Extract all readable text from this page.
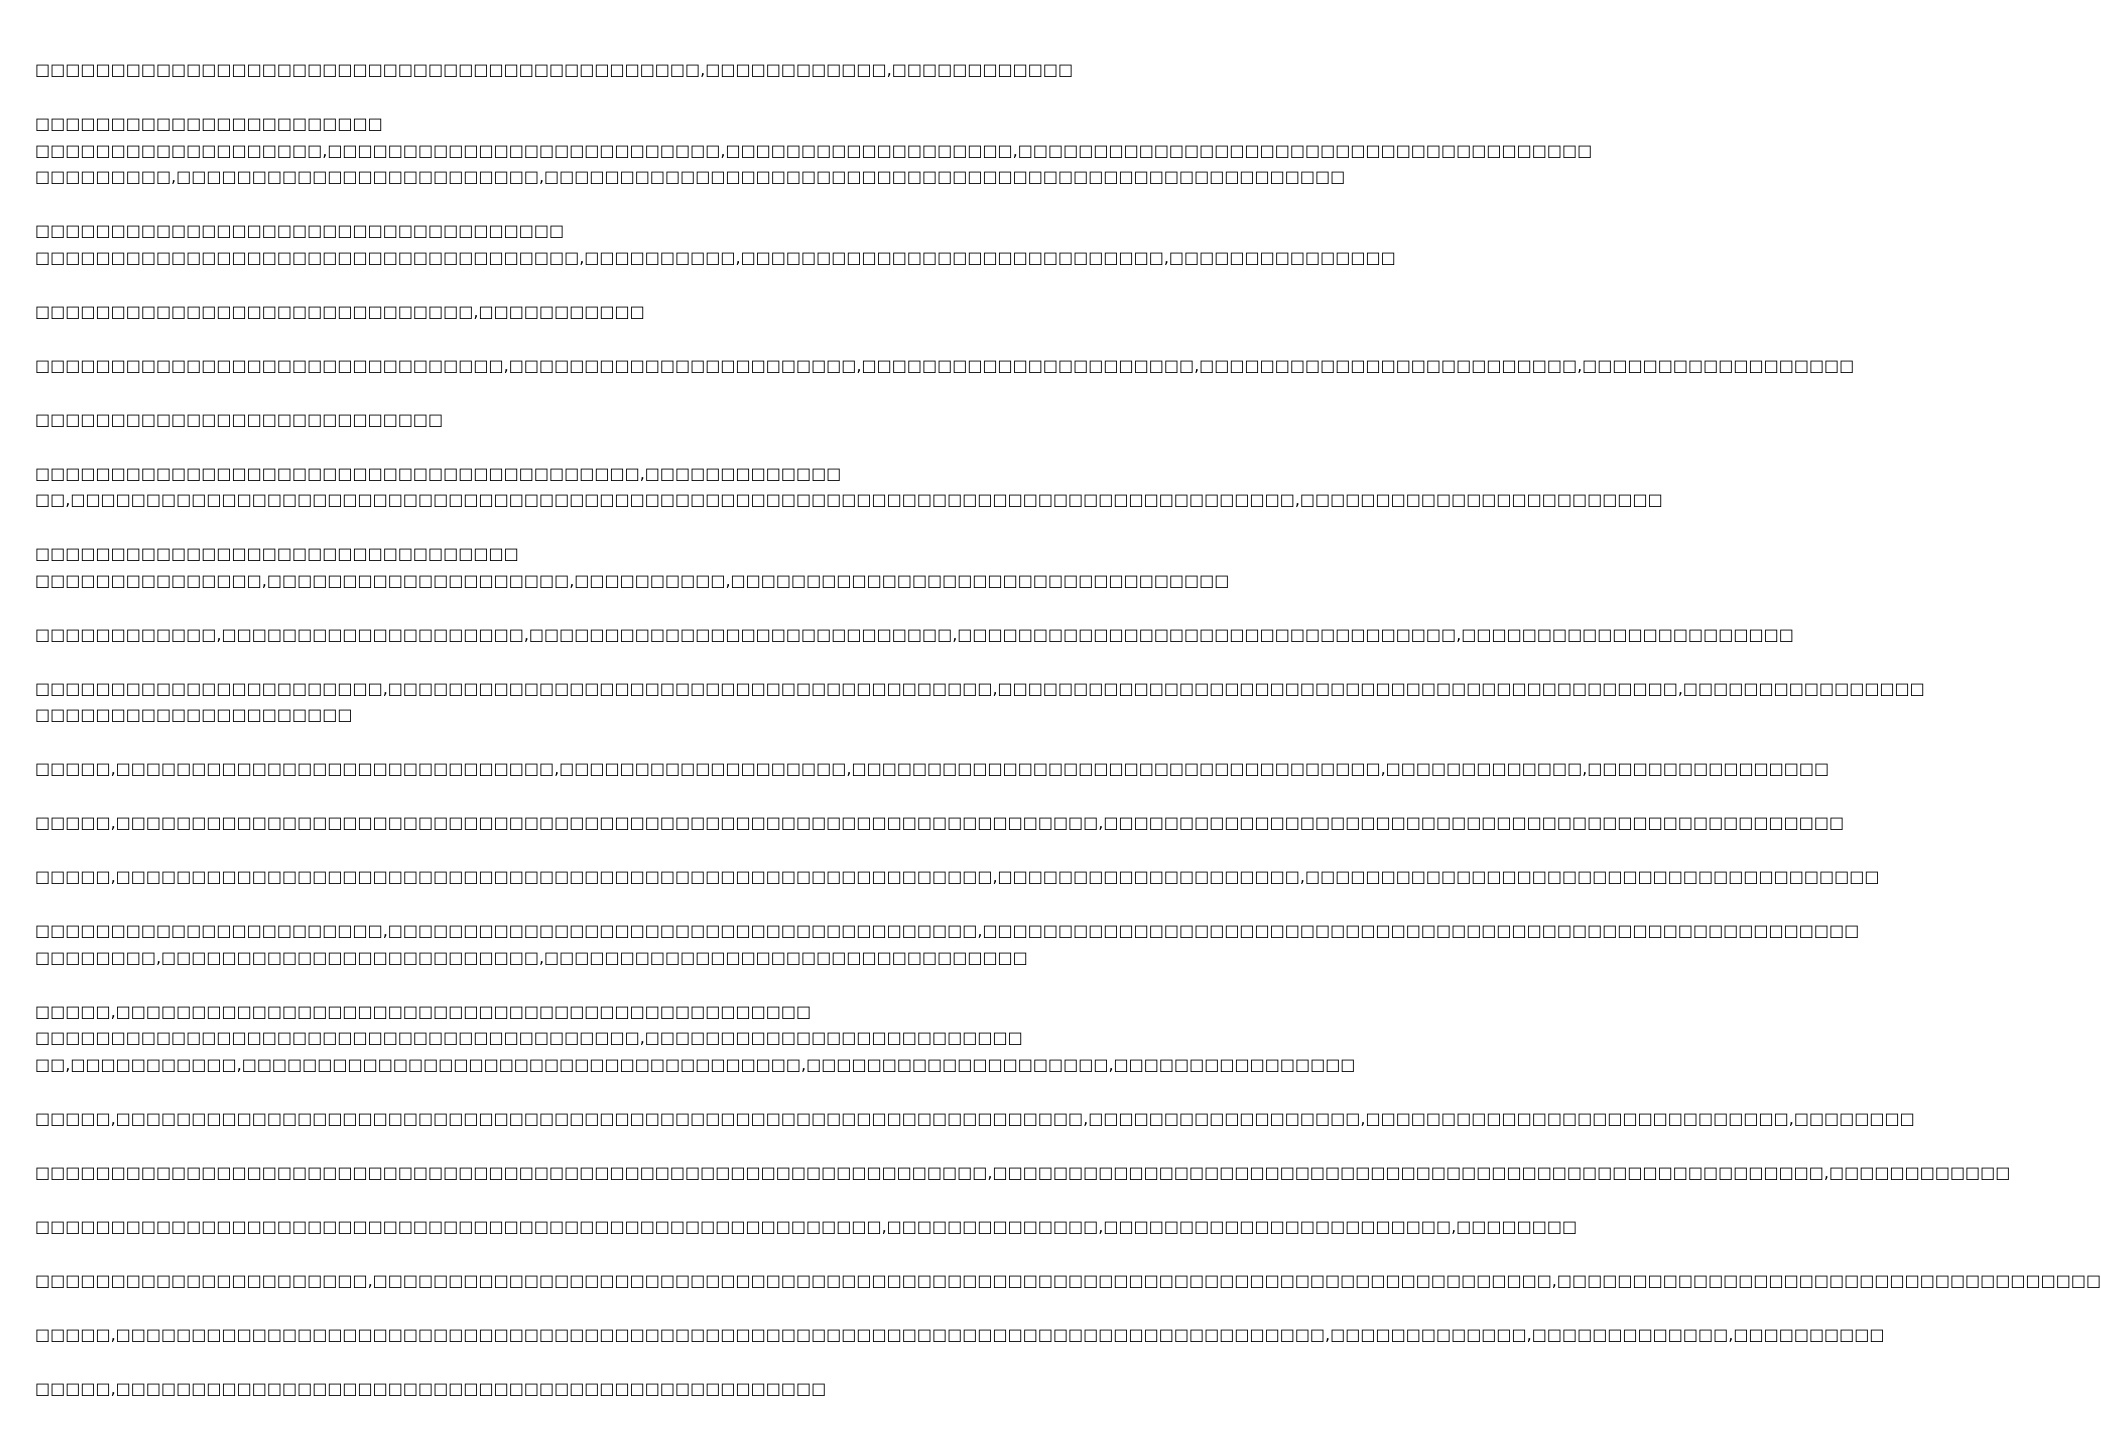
□□□□□□□□□□□□□□□□□□□□□□□□□□□□□□□□□□□□□□□□□□□□,□□□□□□□□□□□□,□□□□□□□□□□□□
□□□□□□□□□□□□□□□□□□□□□□□
□□□□□□□□□□□□□□□□□□□,□□□□□□□□□□□□□□□□□□□□□□□□□□,□□□□□□□□□□□□□□□□□□□,□□□□□□□□□□□□□□□□□□□□□□□□□□□□□□□□□□□□□□
□□□□□□□□□,□□□□□□□□□□□□□□□□□□□□□□□□,□□□□□□□□□□□□□□□□□□□□□□□□□□□□□□□□□□□□□□□□□□□□□□□□□□□□□
□□□□□□□□□□□□□□□□□□□□□□□□□□□□□□□□□□□
□□□□□□□□□□□□□□□□□□□□□□□□□□□□□□□□□□□□,□□□□□□□□□□,□□□□□□□□□□□□□□□□□□□□□□□□□□□□,□□□□□□□□□□□□□□□
□□□□□□□□□□□□□□□□□□□□□□□□□□□□□,□□□□□□□□□□□
□□□□□□□□□□□□□□□□□□□□□□□□□□□□□□□,□□□□□□□□□□□□□□□□□□□□□□□,□□□□□□□□□□□□□□□□□□□□□□,□□□□□□□□□□□□□□□□□□□□□□□□□,□□□□□□□□□□□□□□□□□□
□□□□□□□□□□□□□□□□□□□□□□□□□□□
□□□□□□□□□□□□□□□□□□□□□□□□□□□□□□□□□□□□□□□□,□□□□□□□□□□□□□
□□,□□□□□□□□□□□□□□□□□□□□□□□□□□□□□□□□□□□□□□□□□□□□□□□□□□□□□□□□□□□□□□□□□□□□□□□□□□□□□□□□□,□□□□□□□□□□□□□□□□□□□□□□□□
□□□□□□□□□□□□□□□□□□□□□□□□□□□□□□□□
□□□□□□□□□□□□□□□,□□□□□□□□□□□□□□□□□□□□,□□□□□□□□□□,□□□□□□□□□□□□□□□□□□□□□□□□□□□□□□□□□
□□□□□□□□□□□□,□□□□□□□□□□□□□□□□□□□□,□□□□□□□□□□□□□□□□□□□□□□□□□□□□,□□□□□□□□□□□□□□□□□□□□□□□□□□□□□□□□□,□□□□□□□□□□□□□□□□□□□□□□
□□□□□□□□□□□□□□□□□□□□□□□,□□□□□□□□□□□□□□□□□□□□□□□□□□□□□□□□□□□□□□□□,□□□□□□□□□□□□□□□□□□□□□□□□□□□□□□□□□□□□□□□□□□□□□,□□□□□□□□□□□□□□□□
□□□□□□□□□□□□□□□□□□□□□
□□□□□,□□□□□□□□□□□□□□□□□□□□□□□□□□□□□,□□□□□□□□□□□□□□□□□□□,□□□□□□□□□□□□□□□□□□□□□□□□□□□□□□□□□□□,□□□□□□□□□□□□□,□□□□□□□□□□□□□□□□
□□□□□,□□□□□□□□□□□□□□□□□□□□□□□□□□□□□□□□□□□□□□□□□□□□□□□□□□□□□□□□□□□□□□□□□,□□□□□□□□□□□□□□□□□□□□□□□□□□□□□□□□□□□□□□□□□□□□□□□□□
□□□□□,□□□□□□□□□□□□□□□□□□□□□□□□□□□□□□□□□□□□□□□□□□□□□□□□□□□□□□□□□□,□□□□□□□□□□□□□□□□□□□□,□□□□□□□□□□□□□□□□□□□□□□□□□□□□□□□□□□□□□□
□□□□□□□□□□□□□□□□□□□□□□□,□□□□□□□□□□□□□□□□□□□□□□□□□□□□□□□□□□□□□□□,□□□□□□□□□□□□□□□□□□□□□□□□□□□□□□□□□□□□□□□□□□□□□□□□□□□□□□□□□□
□□□□□□□□,□□□□□□□□□□□□□□□□□□□□□□□□□,□□□□□□□□□□□□□□□□□□□□□□□□□□□□□□□□
□□□□□,□□□□□□□□□□□□□□□□□□□□□□□□□□□□□□□□□□□□□□□□□□□□□□
□□□□□□□□□□□□□□□□□□□□□□□□□□□□□□□□□□□□□□□□,□□□□□□□□□□□□□□□□□□□□□□□□□
□□,□□□□□□□□□□□,□□□□□□□□□□□□□□□□□□□□□□□□□□□□□□□□□□□□□,□□□□□□□□□□□□□□□□□□□□,□□□□□□□□□□□□□□□□
□□□□□,□□□□□□□□□□□□□□□□□□□□□□□□□□□□□□□□□□□□□□□□□□□□□□□□□□□□□□□□□□□□□□□□,□□□□□□□□□□□□□□□□□□,□□□□□□□□□□□□□□□□□□□□□□□□□□□□,□□□□□□□□
□□□□□□□□□□□□□□□□□□□□□□□□□□□□□□□□□□□□□□□□□□□□□□□□□□□□□□□□□□□□□□□,□□□□□□□□□□□□□□□□□□□□□□□□□□□□□□□□□□□□□□□□□□□□□□□□□□□□□□□,□□□□□□□□□□□□
□□□□□□□□□□□□□□□□□□□□□□□□□□□□□□□□□□□□□□□□□□□□□□□□□□□□□□□□,□□□□□□□□□□□□□□,□□□□□□□□□□□□□□□□□□□□□□□,□□□□□□□□
□□□□□□□□□□□□□□□□□□□□□□,□□□□□□□□□□□□□□□□□□□□□□□□□□□□□□□□□□□□□□□□□□□□□□□□□□□□□□□□□□□□□□□□□□□□□□□□□□□□□□,□□□□□□□□□□□□□□□□□□□□□□□□□□□□□□□□□□□□
□□□□□,□□□□□□□□□□□□□□□□□□□□□□□□□□□□□□□□□□□□□□□□□□□□□□□□□□□□□□□□□□□□□□□□□□□□□□□□□□□□□□□□,□□□□□□□□□□□□□,□□□□□□□□□□□□□,□□□□□□□□□□
□□□□□,□□□□□□□□□□□□□□□□□□□□□□□□□□□□□□□□□□□□□□□□□□□□□□□
